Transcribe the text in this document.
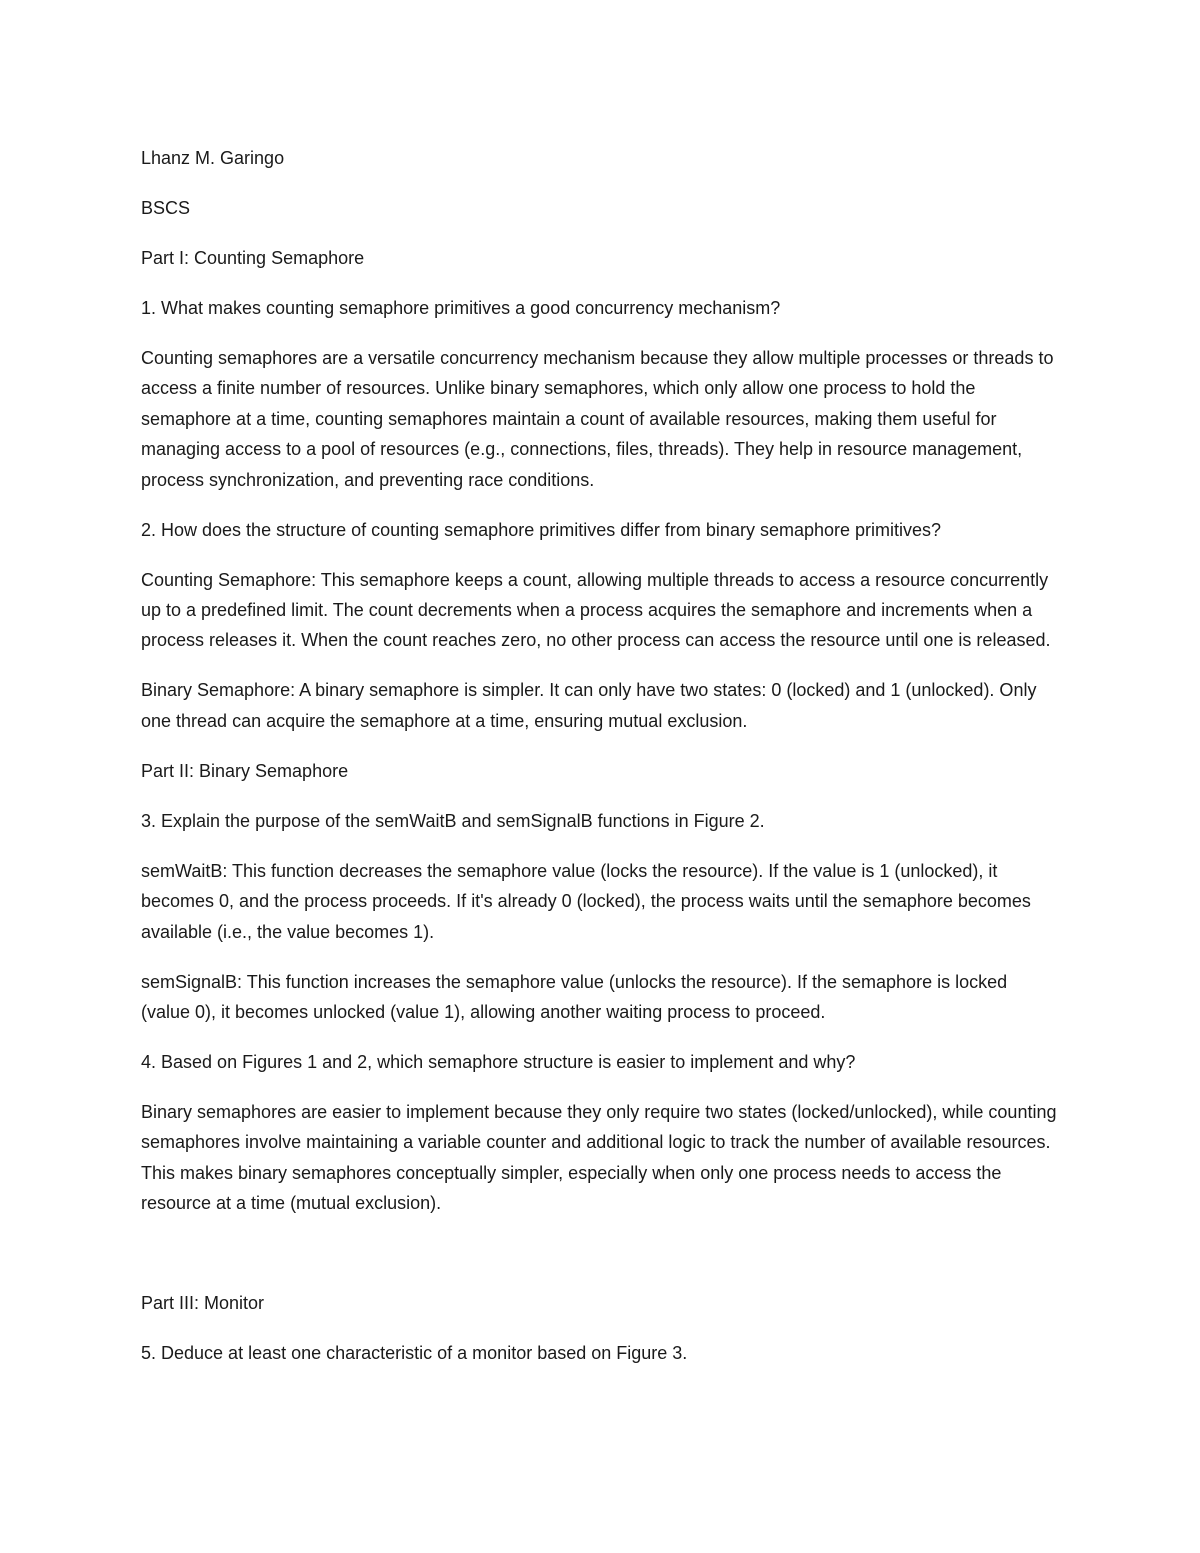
Lhanz M. Garingo

BSCS

Part I: Counting Semaphore

1. What makes counting semaphore primitives a good concurrency mechanism?

Counting semaphores are a versatile concurrency mechanism because they allow multiple processes or threads to access a finite number of resources. Unlike binary semaphores, which only allow one process to hold the semaphore at a time, counting semaphores maintain a count of available resources, making them useful for managing access to a pool of resources (e.g., connections, files, threads). They help in resource management, process synchronization, and preventing race conditions.

2. How does the structure of counting semaphore primitives differ from binary semaphore primitives?

Counting Semaphore: This semaphore keeps a count, allowing multiple threads to access a resource concurrently up to a predefined limit. The count decrements when a process acquires the semaphore and increments when a process releases it. When the count reaches zero, no other process can access the resource until one is released.

Binary Semaphore: A binary semaphore is simpler. It can only have two states: 0 (locked) and 1 (unlocked). Only one thread can acquire the semaphore at a time, ensuring mutual exclusion.

Part II: Binary Semaphore

3. Explain the purpose of the semWaitB and semSignalB functions in Figure 2.

semWaitB: This function decreases the semaphore value (locks the resource). If the value is 1 (unlocked), it becomes 0, and the process proceeds. If it's already 0 (locked), the process waits until the semaphore becomes available (i.e., the value becomes 1).

semSignalB: This function increases the semaphore value (unlocks the resource). If the semaphore is locked (value 0), it becomes unlocked (value 1), allowing another waiting process to proceed.

4. Based on Figures 1 and 2, which semaphore structure is easier to implement and why?

Binary semaphores are easier to implement because they only require two states (locked/unlocked), while counting semaphores involve maintaining a variable counter and additional logic to track the number of available resources. This makes binary semaphores conceptually simpler, especially when only one process needs to access the resource at a time (mutual exclusion).

Part III: Monitor

5. Deduce at least one characteristic of a monitor based on Figure 3.
